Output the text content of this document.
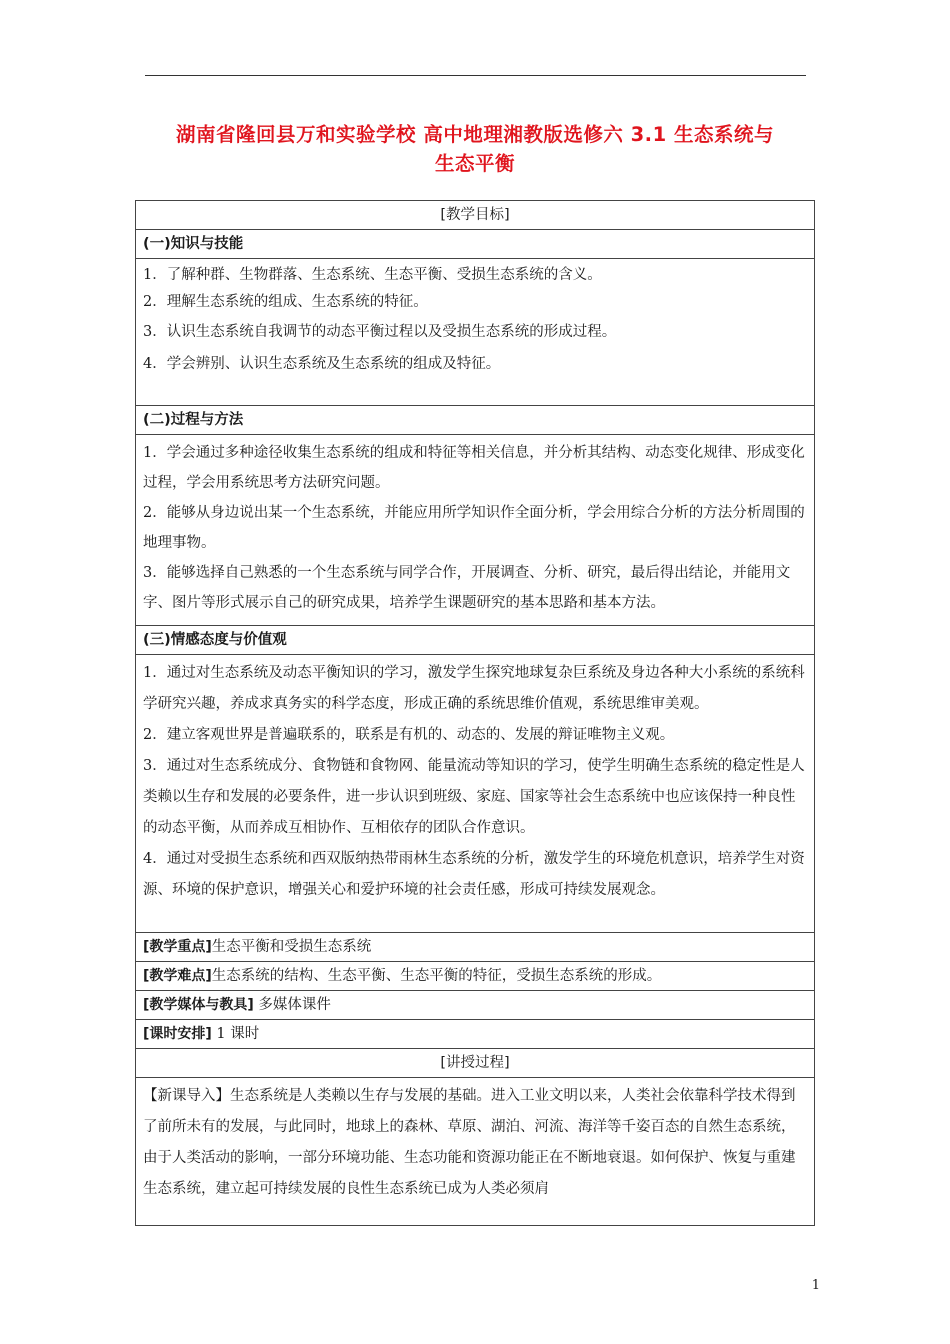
湖南省隆回县万和实验学校 高中地理湘教版选修六 3.1 生态系统与
生态平衡
[教学目标]
(一)知识与技能

1．了解种群、生物群落、生态系统、生态平衡、受损生态系统的含义。

2．理解生态系统的组成、生态系统的特征。

3．认识生态系统自我调节的动态平衡过程以及受损生态系统的形成过程。

4．学会辨别、认识生态系统及生态系统的组成及特征。

(二)过程与方法

1．学会通过多种途径收集生态系统的组成和特征等相关信息，并分析其结构、动态变化规律、形成变化过程，学会用系统思考方法研究问题。

2．能够从身边说出某一个生态系统，并能应用所学知识作全面分析，学会用综合分析的方法分析周围的地理事物。

3．能够选择自己熟悉的一个生态系统与同学合作，开展调查、分析、研究，最后得出结论，并能用文字、图片等形式展示自己的研究成果，培养学生课题研究的基本思路和基本方法。

(三)情感态度与价值观

1．通过对生态系统及动态平衡知识的学习，激发学生探究地球复杂巨系统及身边各种大小系统的系统科学研究兴趣，养成求真务实的科学态度，形成正确的系统思维价值观，系统思维审美观。

2．建立客观世界是普遍联系的，联系是有机的、动态的、发展的辩证唯物主义观。

3．通过对生态系统成分、食物链和食物网、能量流动等知识的学习，使学生明确生态系统的稳定性是人类赖以生存和发展的必要条件，进一步认识到班级、家庭、国家等社会生态系统中也应该保持一种良性的动态平衡，从而养成互相协作、互相依存的团队合作意识。

4．通过对受损生态系统和西双版纳热带雨林生态系统的分析，激发学生的环境危机意识，培养学生对资源、环境的保护意识，增强关心和爱护环境的社会责任感，形成可持续发展观念。

[教学重点]生态平衡和受损生态系统
[教学难点]生态系统的结构、生态平衡、生态平衡的特征，受损生态系统的形成。
[教学媒体与教具] 多媒体课件
[课时安排] 1 课时
[讲授过程]
【新课导入】生态系统是人类赖以生存与发展的基础。进入工业文明以来，人类社会依靠科学技术得到了前所未有的发展，与此同时，地球上的森林、草原、湖泊、河流、海洋等千姿百态的自然生态系统，由于人类活动的影响，一部分环境功能、生态功能和资源功能正在不断地衰退。如何保护、恢复与重建生态系统，建立起可持续发展的良性生态系统已成为人类必须肩
1
